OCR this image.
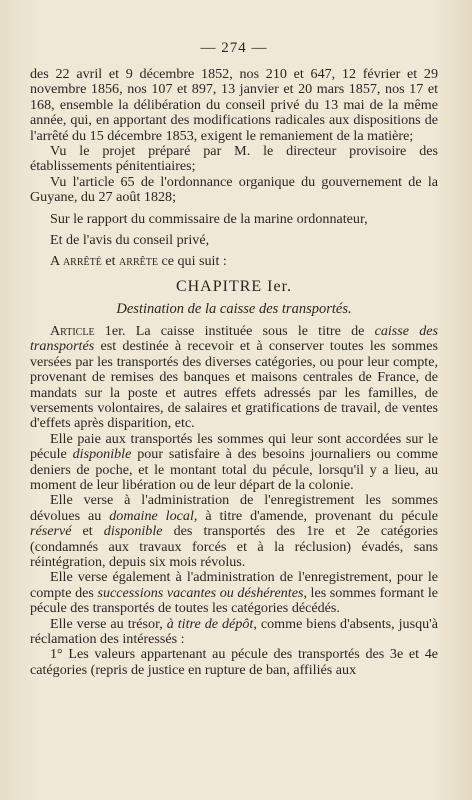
— 274 —

des 22 avril et 9 décembre 1852, nos 210 et 647, 12 février et 29 novembre 1856, nos 107 et 897, 13 janvier et 20 mars 1857, nos 17 et 168, ensemble la délibération du conseil privé du 13 mai de la même année, qui, en apportant des modifications radicales aux dispositions de l'arrêté du 15 décembre 1853, exigent le remaniement de la matière;

Vu le projet préparé par M. le directeur provisoire des établissements pénitentiaires;

Vu l'article 65 de l'ordonnance organique du gouvernement de la Guyane, du 27 août 1828;

Sur le rapport du commissaire de la marine ordonnateur,

Et de l'avis du conseil privé,

A arrêté et arrête ce qui suit :

CHAPITRE Ier.
Destination de la caisse des transportés.

Article 1er. La caisse instituée sous le titre de caisse des transportés est destinée à recevoir et à conserver toutes les sommes versées par les transportés des diverses catégories, ou pour leur compte, provenant de remises des banques et maisons centrales de France, de mandats sur la poste et autres effets adressés par les familles, de versements volontaires, de salaires et gratifications de travail, de ventes d'effets après disparition, etc.

Elle paie aux transportés les sommes qui leur sont accordées sur le pécule disponible pour satisfaire à des besoins journaliers ou comme deniers de poche, et le montant total du pécule, lorsqu'il y a lieu, au moment de leur libération ou de leur départ de la colonie.

Elle verse à l'administration de l'enregistrement les sommes dévolues au domaine local, à titre d'amende, provenant du pécule réservé et disponible des transportés des 1re et 2e catégories (condamnés aux travaux forcés et à la réclusion) évadés, sans réintégration, depuis six mois révolus.

Elle verse également à l'administration de l'enregistrement, pour le compte des successions vacantes ou déshérentes, les sommes formant le pécule des transportés de toutes les catégories décédés.

Elle verse au trésor, à titre de dépôt, comme biens d'absents, jusqu'à réclamation des intéressés :

1° Les valeurs appartenant au pécule des transportés des 3e et 4e catégories (repris de justice en rupture de ban, affiliés aux
